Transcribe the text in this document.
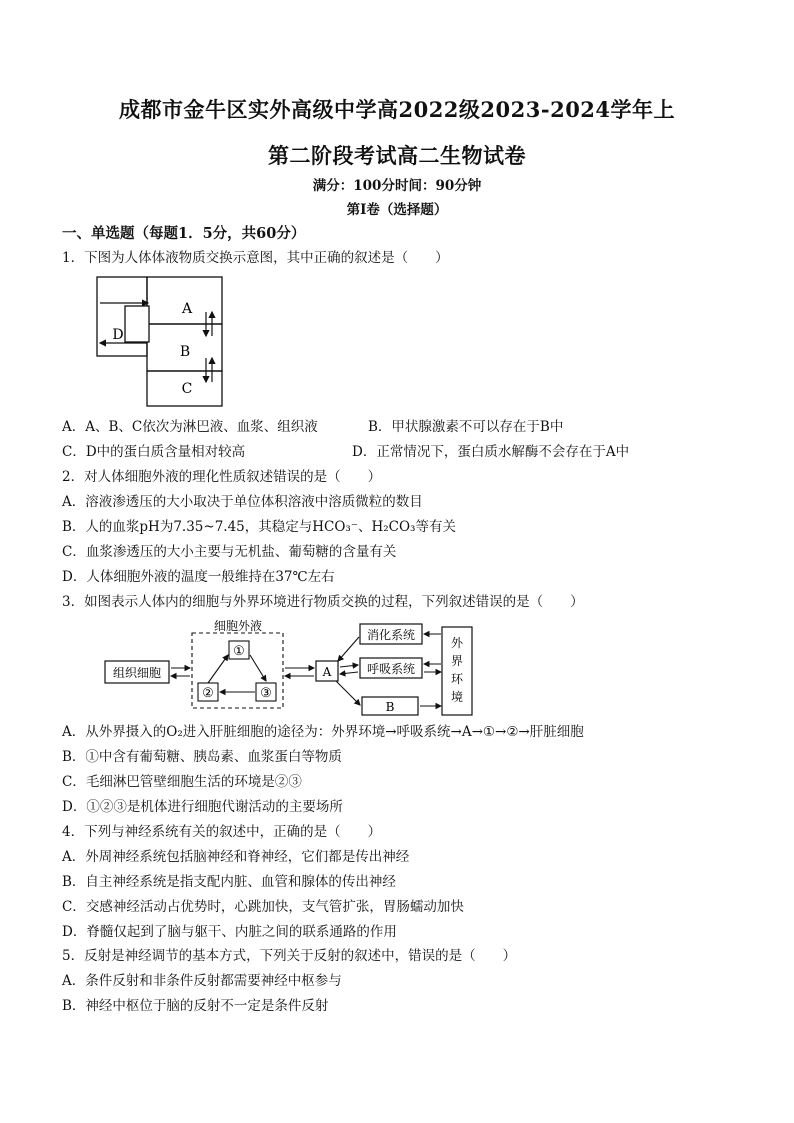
成都市金牛区实外高级中学高2022级2023-2024学年上
第二阶段考试高二生物试卷
满分：100分时间：90分钟
第I卷（选择题）
一、单选题（每题1．5分，共60分）
1．下图为人体体液物质交换示意图，其中正确的叙述是（　　）
A
B
C
D
A．A、B、C依次为淋巴液、血浆、组织液	B．甲状腺激素不可以存在于B中
C．D中的蛋白质含量相对较高	D．正常情况下，蛋白质水解酶不会存在于A中
2．对人体细胞外液的理化性质叙述错误的是（　　）
A．溶液渗透压的大小取决于单位体积溶液中溶质微粒的数目
B．人的血浆pH为7.35~7.45，其稳定与HCO₃⁻、H₂CO₃等有关
C．血浆渗透压的大小主要与无机盐、葡萄糖的含量有关
D．人体细胞外液的温度一般维持在37℃左右
3．如图表示人体内的细胞与外界环境进行物质交换的过程，下列叙述错误的是（　　）
细胞外液
组织细胞
①
②	③
A
消化系统
呼吸系统
B
外
界
环
境
A．从外界摄入的O₂进入肝脏细胞的途径为：外界环境→呼吸系统→A→①→②→肝脏细胞
B．①中含有葡萄糖、胰岛素、血浆蛋白等物质
C．毛细淋巴管壁细胞生活的环境是②③
D．①②③是机体进行细胞代谢活动的主要场所
4．下列与神经系统有关的叙述中，正确的是（　　）
A．外周神经系统包括脑神经和脊神经，它们都是传出神经
B．自主神经系统是指支配内脏、血管和腺体的传出神经
C．交感神经活动占优势时，心跳加快，支气管扩张，胃肠蠕动加快
D．脊髓仅起到了脑与躯干、内脏之间的联系通路的作用
5．反射是神经调节的基本方式，下列关于反射的叙述中，错误的是（　　）
A．条件反射和非条件反射都需要神经中枢参与
B．神经中枢位于脑的反射不一定是条件反射
